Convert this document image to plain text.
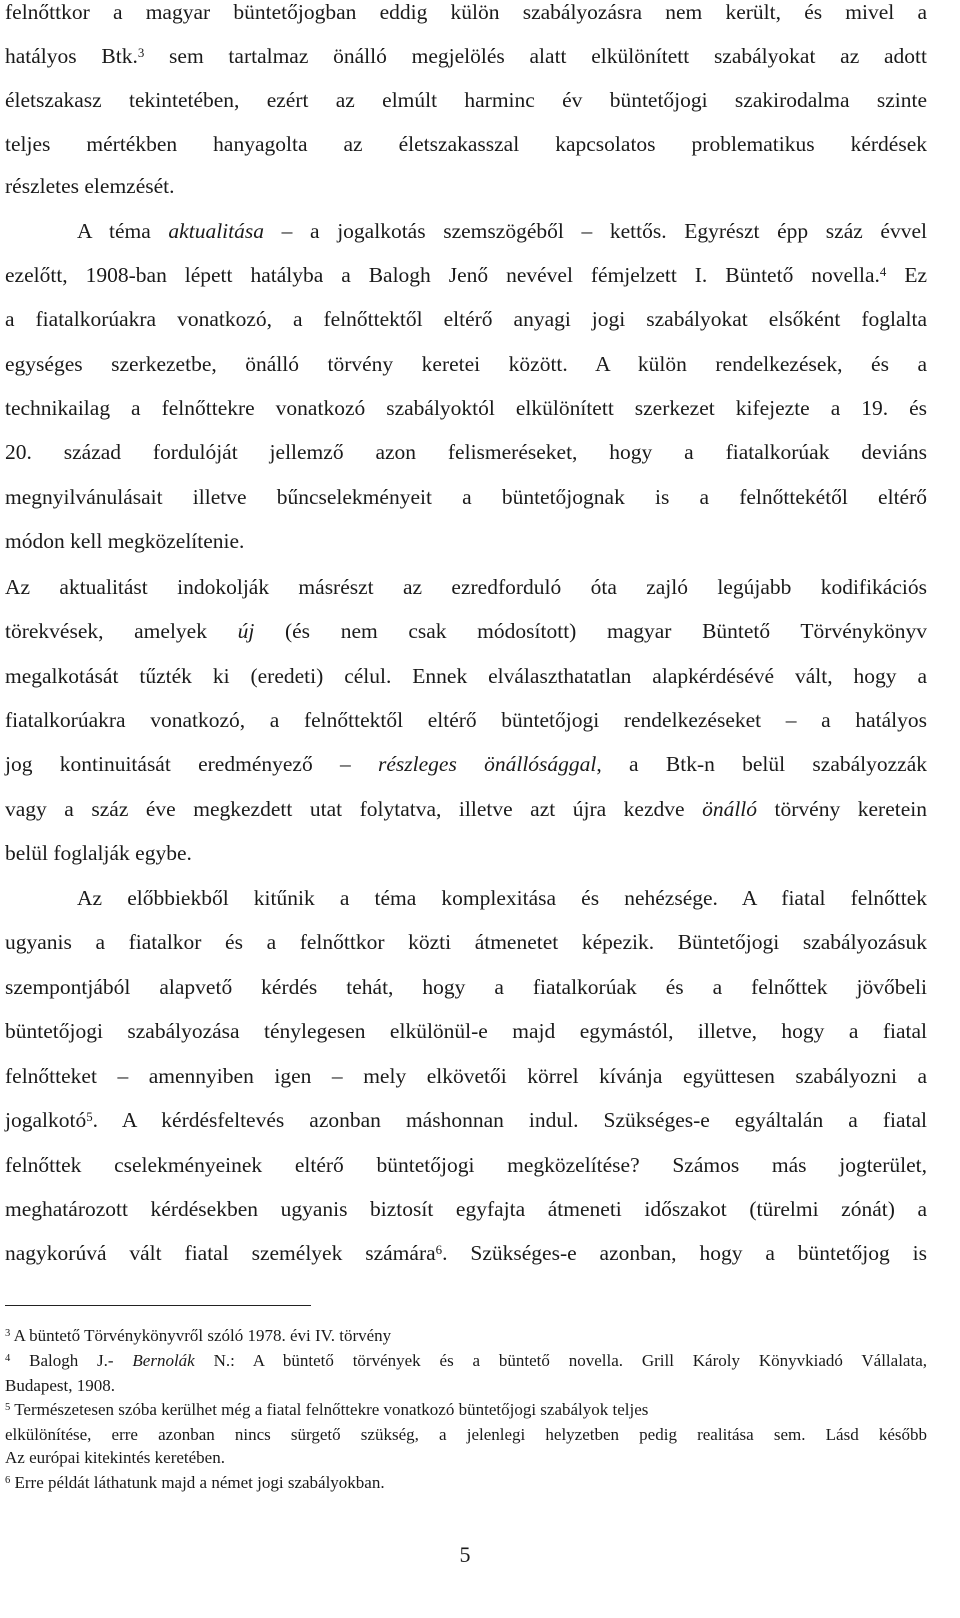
felnőttkor a magyar büntetőjogban eddig külön szabályozásra nem került, és mivel a
hatályos Btk.$^3$ sem tartalmaz önálló megjelölés alatt elkülönített szabályokat az adott
életszakasz tekintetében, ezért az elmúlt harminc év büntetőjogi szakirodalma szinte
teljes mértékben hanyagolta az életszakasszal kapcsolatos problematikus kérdések
részletes elemzését.
A téma aktualitása – a jogalkotás szemszögéből – kettős. Egyrészt épp száz évvel
ezelőtt, 1908-ban lépett hatályba a Balogh Jenő nevével fémjelzett I. Büntető novella.$^4$ Ez
a fiatalkorúakra vonatkozó, a felnőttektől eltérő anyagi jogi szabályokat elsőként foglalta
egységes szerkezetbe, önálló törvény keretei között. A külön rendelkezések, és a
technikailag a felnőttekre vonatkozó szabályoktól elkülönített szerkezet kifejezte a 19. és
20. század fordulóját jellemző azon felismeréseket, hogy a fiatalkorúak deviáns
megnyilvánulásait illetve bűncselekményeit a büntetőjognak is a felnőttekétől eltérő
módon kell megközelítenie.
Az aktualitást indokolják másrészt az ezredforduló óta zajló legújabb kodifikációs
törekvések, amelyek új (és nem csak módosított) magyar Büntető Törvénykönyv
megalkotását tűzték ki (eredeti) célul. Ennek elválaszthatatlan alapkérdésévé vált, hogy a
fiatalkorúakra vonatkozó, a felnőttektől eltérő büntetőjogi rendelkezéseket – a hatályos
jog kontinuitását eredményező – részleges önállósággal, a Btk-n belül szabályozzák
vagy a száz éve megkezdett utat folytatva, illetve azt újra kezdve önálló törvény keretein
belül foglalják egybe.
Az előbbiekből kitűnik a téma komplexitása és nehézsége. A fiatal felnőttek
ugyanis a fiatalkor és a felnőttkor közti átmenetet képezik. Büntetőjogi szabályozásuk
szempontjából alapvető kérdés tehát, hogy a fiatalkorúak és a felnőttek jövőbeli
büntetőjogi szabályozása ténylegesen elkülönül-e majd egymástól, illetve, hogy a fiatal
felnőtteket – amennyiben igen – mely elkövetői körrel kívánja együttesen szabályozni a
jogalkotó$^5$. A kérdésfeltevés azonban máshonnan indul. Szükséges-e egyáltalán a fiatal
felnőttek cselekményeinek eltérő büntetőjogi megközelítése? Számos más jogterület,
meghatározott kérdésekben ugyanis biztosít egyfajta átmeneti időszakot (türelmi zónát) a
nagykorúvá vált fiatal személyek számára$^6$. Szükséges-e azonban, hogy a büntetőjog is
$^3$ A büntető Törvénykönyvről szóló 1978. évi IV. törvény
$^4$ Balogh J.- Bernolák N.: A büntető törvények és a büntető novella. Grill Károly Könyvkiadó Vállalata,
Budapest, 1908.
$^5$ Természetesen szóba kerülhet még a fiatal felnőttekre vonatkozó büntetőjogi szabályok teljes
elkülönítése, erre azonban nincs sürgető szükség, a jelenlegi helyzetben pedig realitása sem. Lásd később
Az európai kitekintés keretében.
$^6$ Erre példát láthatunk majd a német jogi szabályokban.
5
